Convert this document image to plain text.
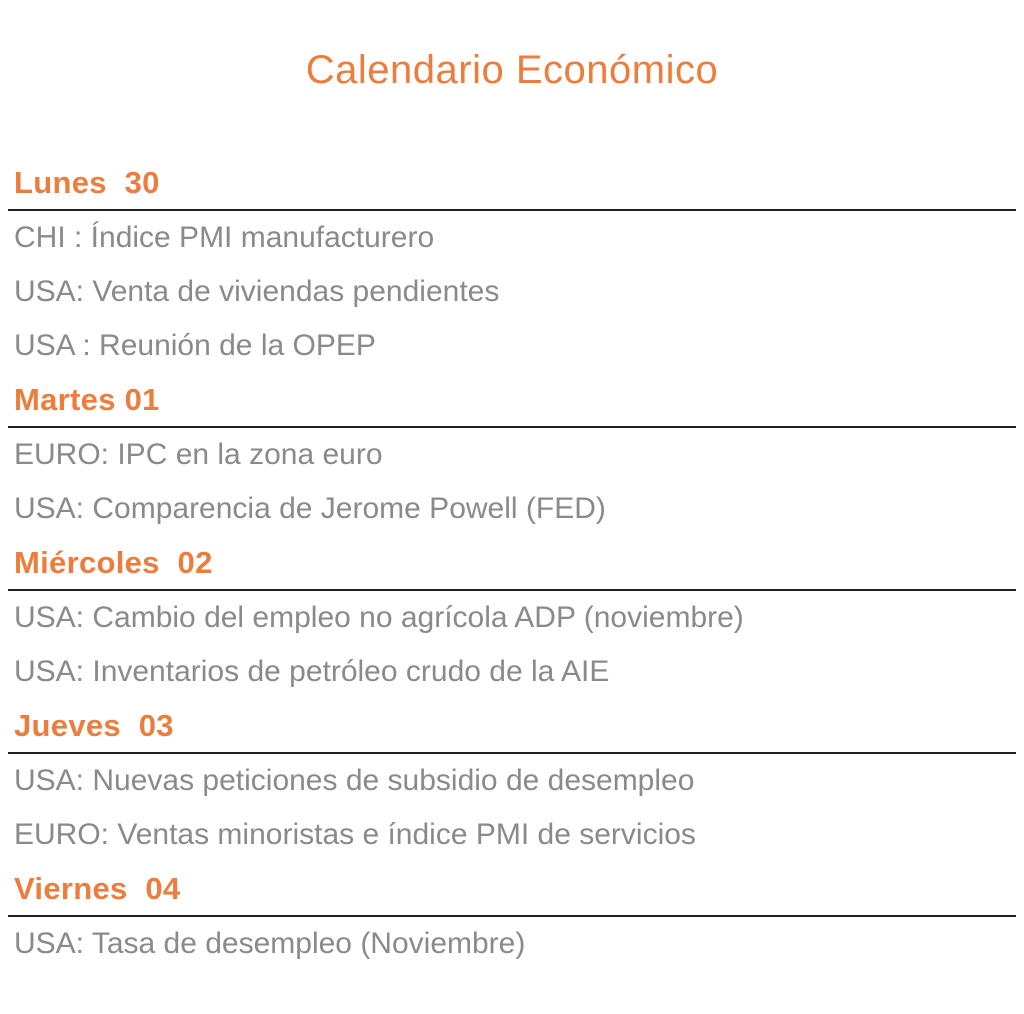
Calendario Económico
Lunes  30
CHI : Índice PMI manufacturero
USA: Venta de viviendas pendientes
USA : Reunión de la OPEP
Martes 01
EURO: IPC en la zona euro
USA: Comparencia de Jerome Powell (FED)
Miércoles  02
USA: Cambio del empleo no agrícola ADP (noviembre)
USA: Inventarios de petróleo crudo de la AIE
Jueves  03
USA: Nuevas peticiones de subsidio de desempleo
EURO: Ventas minoristas e índice PMI de servicios
Viernes  04
USA: Tasa de desempleo (Noviembre)
